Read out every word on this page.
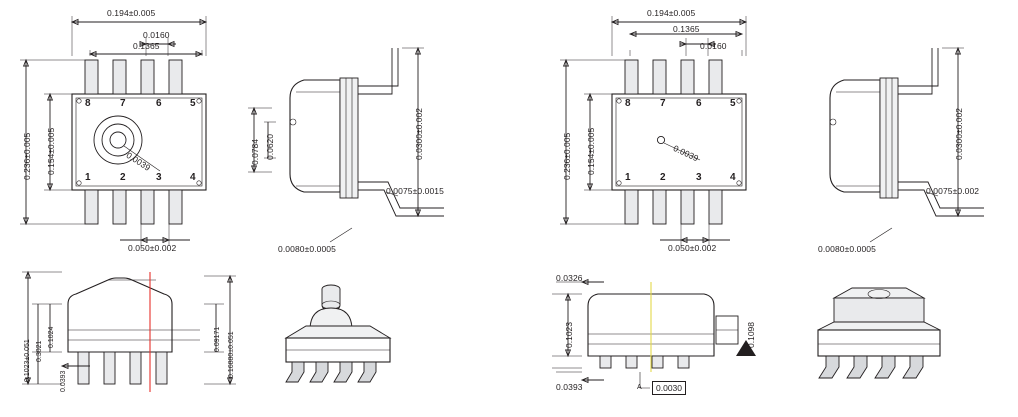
0.194±0.005
0.0160
0.1365
0.236±0.005 0.154±0.005
0.050±0.002
0.0039
8	7	6	5
1	2	3	4
0.0784 0.0620	0.0300±0.002
0.0075±0.0015
0.0080±0.0005
0.194±0.005
0.0160
0.1365
0.236±0.005 0.154±0.005
0.050±0.002
0.0039
8	7	6	5
1	2	3	4
0.0300±0.002
0.0075±0.002
0.0080±0.0005
0.1024
0.3021
0.0393
0.1023±0.051	0.09171 0.16880±0.051
0.0326
0.1023
0.0393
0.1098
A	0.0030
